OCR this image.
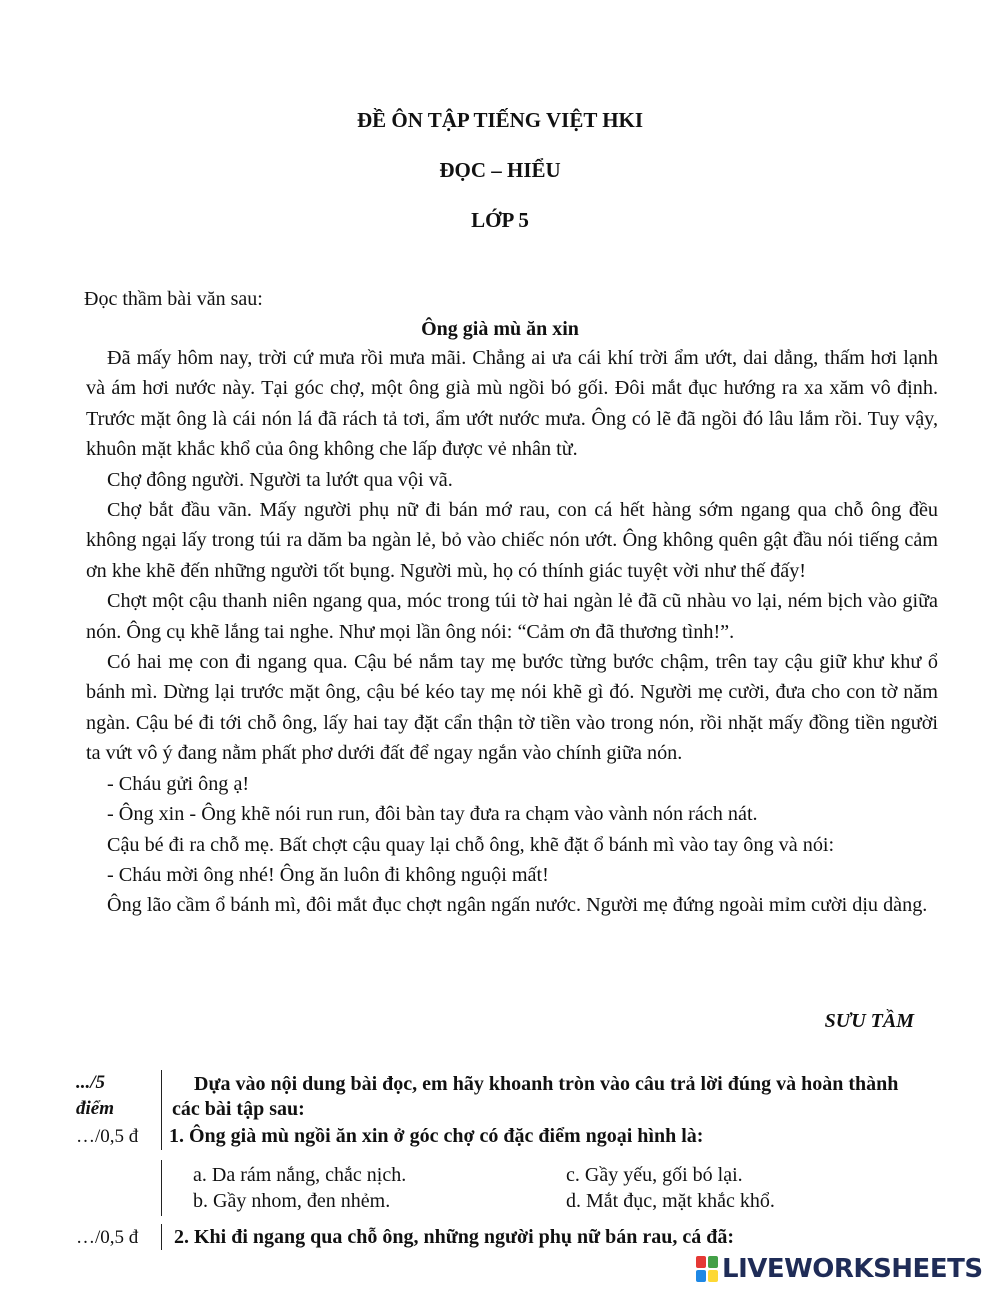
ĐỀ ÔN TẬP TIẾNG VIỆT HKI
ĐỌC – HIỂU
LỚP 5
Đọc thầm bài văn sau:
Ông già mù ăn xin

Đã mấy hôm nay, trời cứ mưa rồi mưa mãi. Chẳng ai ưa cái khí trời ẩm ướt, dai dẳng, thấm hơi lạnh và ám hơi nước này. Tại góc chợ, một ông già mù ngồi bó gối. Đôi mắt đục hướng ra xa xăm vô định. Trước mặt ông là cái nón lá đã rách tả tơi, ẩm ướt nước mưa. Ông có lẽ đã ngồi đó lâu lắm rồi. Tuy vậy, khuôn mặt khắc khổ của ông không che lấp được vẻ nhân từ.

Chợ đông người. Người ta lướt qua vội vã.

Chợ bắt đầu vãn. Mấy người phụ nữ đi bán mớ rau, con cá hết hàng sớm ngang qua chỗ ông đều không ngại lấy trong túi ra dăm ba ngàn lẻ, bỏ vào chiếc nón ướt. Ông không quên gật đầu nói tiếng cảm ơn khe khẽ đến những người tốt bụng. Người mù, họ có thính giác tuyệt vời như thế đấy!

Chợt một cậu thanh niên ngang qua, móc trong túi tờ hai ngàn lẻ đã cũ nhàu vo lại, ném bịch vào giữa nón. Ông cụ khẽ lắng tai nghe. Như mọi lần ông nói: “Cảm ơn đã thương tình!”.

Có hai mẹ con đi ngang qua. Cậu bé nắm tay mẹ bước từng bước chậm, trên tay cậu giữ khư khư ổ bánh mì. Dừng lại trước mặt ông, cậu bé kéo tay mẹ nói khẽ gì đó. Người mẹ cười, đưa cho con tờ năm ngàn. Cậu bé đi tới chỗ ông, lấy hai tay đặt cẩn thận tờ tiền vào trong nón, rồi nhặt mấy đồng tiền người ta vứt vô ý đang nằm phất phơ dưới đất để ngay ngắn vào chính giữa nón.

- Cháu gửi ông ạ!

- Ông xin - Ông khẽ nói run run, đôi bàn tay đưa ra chạm vào vành nón rách nát.

Cậu bé đi ra chỗ mẹ. Bất chợt cậu quay lại chỗ ông, khẽ đặt ổ bánh mì vào tay ông và nói:

- Cháu mời ông nhé! Ông ăn luôn đi không nguội mất!

Ông lão cầm ổ bánh mì, đôi mắt đục chợt ngân ngấn nước. Người mẹ đứng ngoài mỉm cười dịu dàng.

SƯU TẦM
.../5
điểm
Dựa vào nội dung bài đọc, em hãy khoanh tròn vào câu trả lời đúng và hoàn thành các bài tập sau:
…/0,5 đ 1. Ông già mù ngồi ăn xin ở góc chợ có đặc điểm ngoại hình là:
a. Da rám nắng, chắc nịch.	c. Gầy yếu, gối bó lại.
b. Gầy nhom, đen nhẻm.	d. Mắt đục, mặt khắc khổ.
…/0,5 đ 2. Khi đi ngang qua chỗ ông, những người phụ nữ bán rau, cá đã:
LIVEWORKSHEETS
